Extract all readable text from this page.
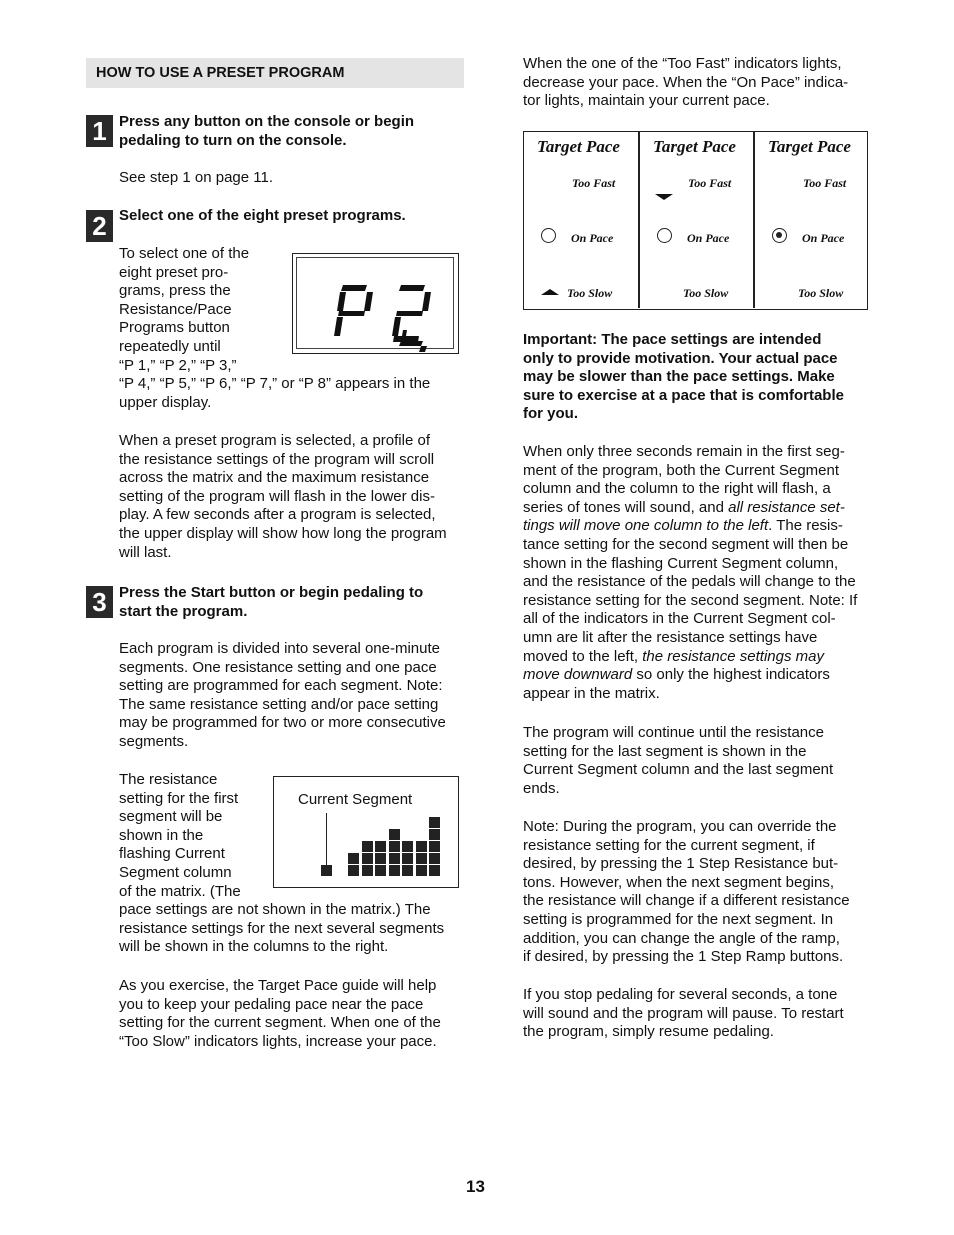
HOW TO USE A PRESET PROGRAM
1 Press any button on the console or begin
pedaling to turn on the console.
See step 1 on page 11.
2 Select one of the eight preset programs.
To select one of the
eight preset pro-
grams, press the
Resistance/Pace
Programs button
repeatedly until
“P 1,” “P 2,” “P 3,”
“P 4,” “P 5,” “P 6,” “P 7,” or “P 8” appears in the
upper display.
When a preset program is selected, a profile of
the resistance settings of the program will scroll
across the matrix and the maximum resistance
setting of the program will flash in the lower dis-
play. A few seconds after a program is selected,
the upper display will show how long the program
will last.
3 Press the Start button or begin pedaling to
start the program.
Each program is divided into several one-minute
segments. One resistance setting and one pace
setting are programmed for each segment. Note:
The same resistance setting and/or pace setting
may be programmed for two or more consecutive
segments.
The resistance
setting for the first
segment will be
shown in the
flashing Current
Segment column
of the matrix. (The
pace settings are not shown in the matrix.) The
resistance settings for the next several segments
will be shown in the columns to the right.
Current Segment
As you exercise, the Target Pace guide will help
you to keep your pedaling pace near the pace
setting for the current segment. When one of the
“Too Slow” indicators lights, increase your pace.
When the one of the “Too Fast” indicators lights,
decrease your pace. When the “On Pace” indica-
tor lights, maintain your current pace.
Target Pace
Too Fast
On Pace
Too Slow
Target Pace
Too Fast
On Pace
Too Slow
Target Pace
Too Fast
On Pace
Too Slow
Important: The pace settings are intended
only to provide motivation. Your actual pace
may be slower than the pace settings. Make
sure to exercise at a pace that is comfortable
for you.
When only three seconds remain in the first seg-
ment of the program, both the Current Segment
column and the column to the right will flash, a
series of tones will sound, and all resistance set-
tings will move one column to the left. The resis-
tance setting for the second segment will then be
shown in the flashing Current Segment column,
and the resistance of the pedals will change to the
resistance setting for the second segment. Note: If
all of the indicators in the Current Segment col-
umn are lit after the resistance settings have
moved to the left, the resistance settings may
move downward so only the highest indicators
appear in the matrix.
The program will continue until the resistance
setting for the last segment is shown in the
Current Segment column and the last segment
ends.
Note: During the program, you can override the
resistance setting for the current segment, if
desired, by pressing the 1 Step Resistance but-
tons. However, when the next segment begins,
the resistance will change if a different resistance
setting is programmed for the next segment. In
addition, you can change the angle of the ramp,
if desired, by pressing the 1 Step Ramp buttons.
If you stop pedaling for several seconds, a tone
will sound and the program will pause. To restart
the program, simply resume pedaling.
13
